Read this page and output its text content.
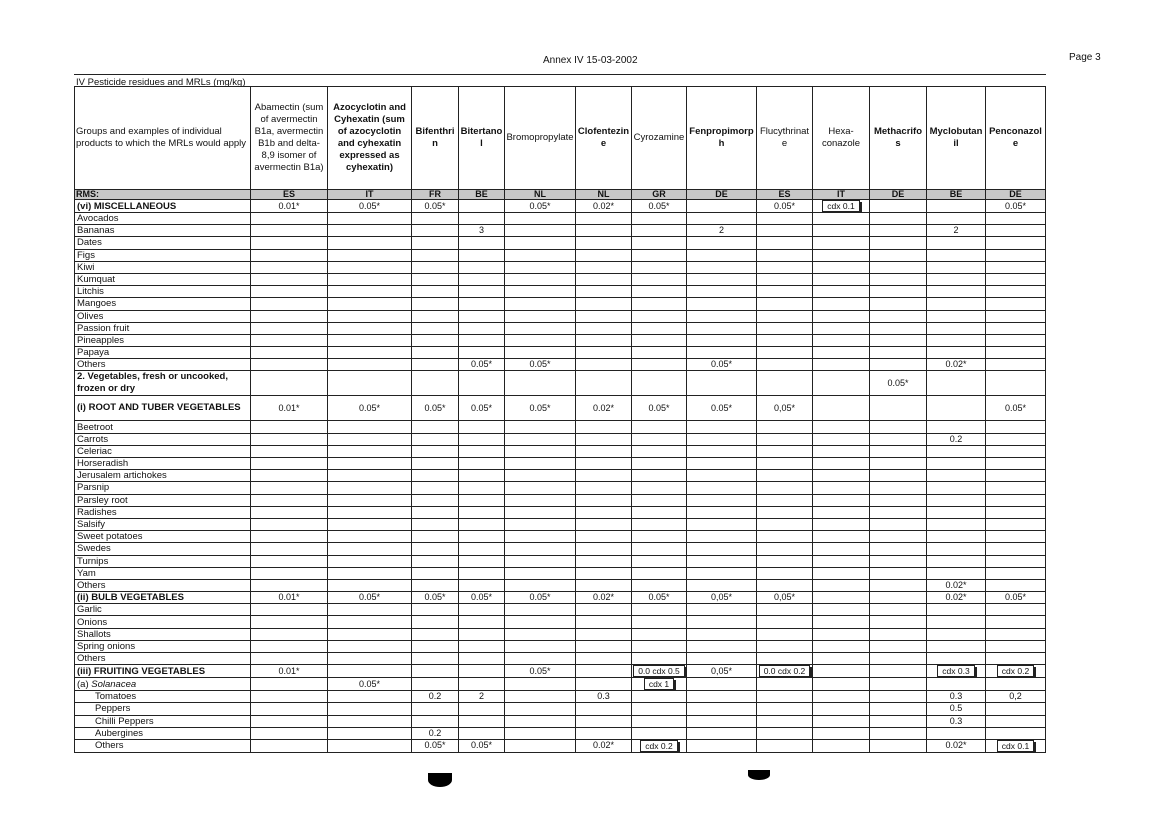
Annex IV 15-03-2002	Page 3
IV Pesticide residues and MRLs (mg/kg)
Groups and examples of individual products to which the MRLs would apply	Abamectin (sum of avermectin B1a, avermectin B1b and delta-8,9 isomer of avermectin B1a)	Azocyclotin and Cyhexatin (sum of azocyclotin and cyhexatin expressed as cyhexatin)	Bifenthri n	Bitertano l	Bromopropylate	Clofentezin e	Cyrozamine	Fenpropimorp h	Flucythrinat e	Hexa-conazole	Methacrifo s	Myclobutan il	Penconazol e
RMS:	ES	IT	FR	BE	NL	NL	GR	DE	ES	IT	DE	BE	DE
(vi) MISCELLANEOUS	0.01*	0.05*	0.05*		0.05*	0.02*	0.05*		0.05*	cdx 0.1			0.05*
Avocados													
Bananas				3				2				2	
Dates													
Figs													
Kiwi													
Kumquat													
Litchis													
Mangoes													
Olives													
Passion fruit													
Pineapples													
Papaya													
Others				0.05*	0.05*			0.05*				0.02*	
2. Vegetables, fresh or uncooked, frozen or dry											0.05*		
(i) ROOT AND TUBER VEGETABLES	0.01*	0.05*	0.05*	0.05*	0.05*	0.02*	0.05*	0.05*	0,05*				0.05*
Beetroot													
Carrots												0.2	
Celeriac													
Horseradish													
Jerusalem artichokes													
Parsnip													
Parsley root													
Radishes													
Salsify													
Sweet potatoes													
Swedes													
Turnips													
Yam													
Others												0.02*	
(ii) BULB VEGETABLES	0.01*	0.05*	0.05*	0.05*	0.05*	0.02*	0.05*	0,05*	0,05*			0.02*	0.05*
Garlic													
Onions													
Shallots													
Spring onions													
Others													
(iii) FRUITING VEGETABLES	0.01*				0.05*		0.0 cdx 0.5	0,05*	0.0 cdx 0.2			cdx 0.3	cdx 0.2
(a) Solanacea		0.05*					cdx 1						
Tomatoes			0.2	2		0.3						0.3	0,2
Peppers												0.5	
Chilli Peppers												0.3	
Aubergines			0.2										
Others			0.05*	0.05*		0.02*	cdx 0.2					0.02*	cdx 0.1
